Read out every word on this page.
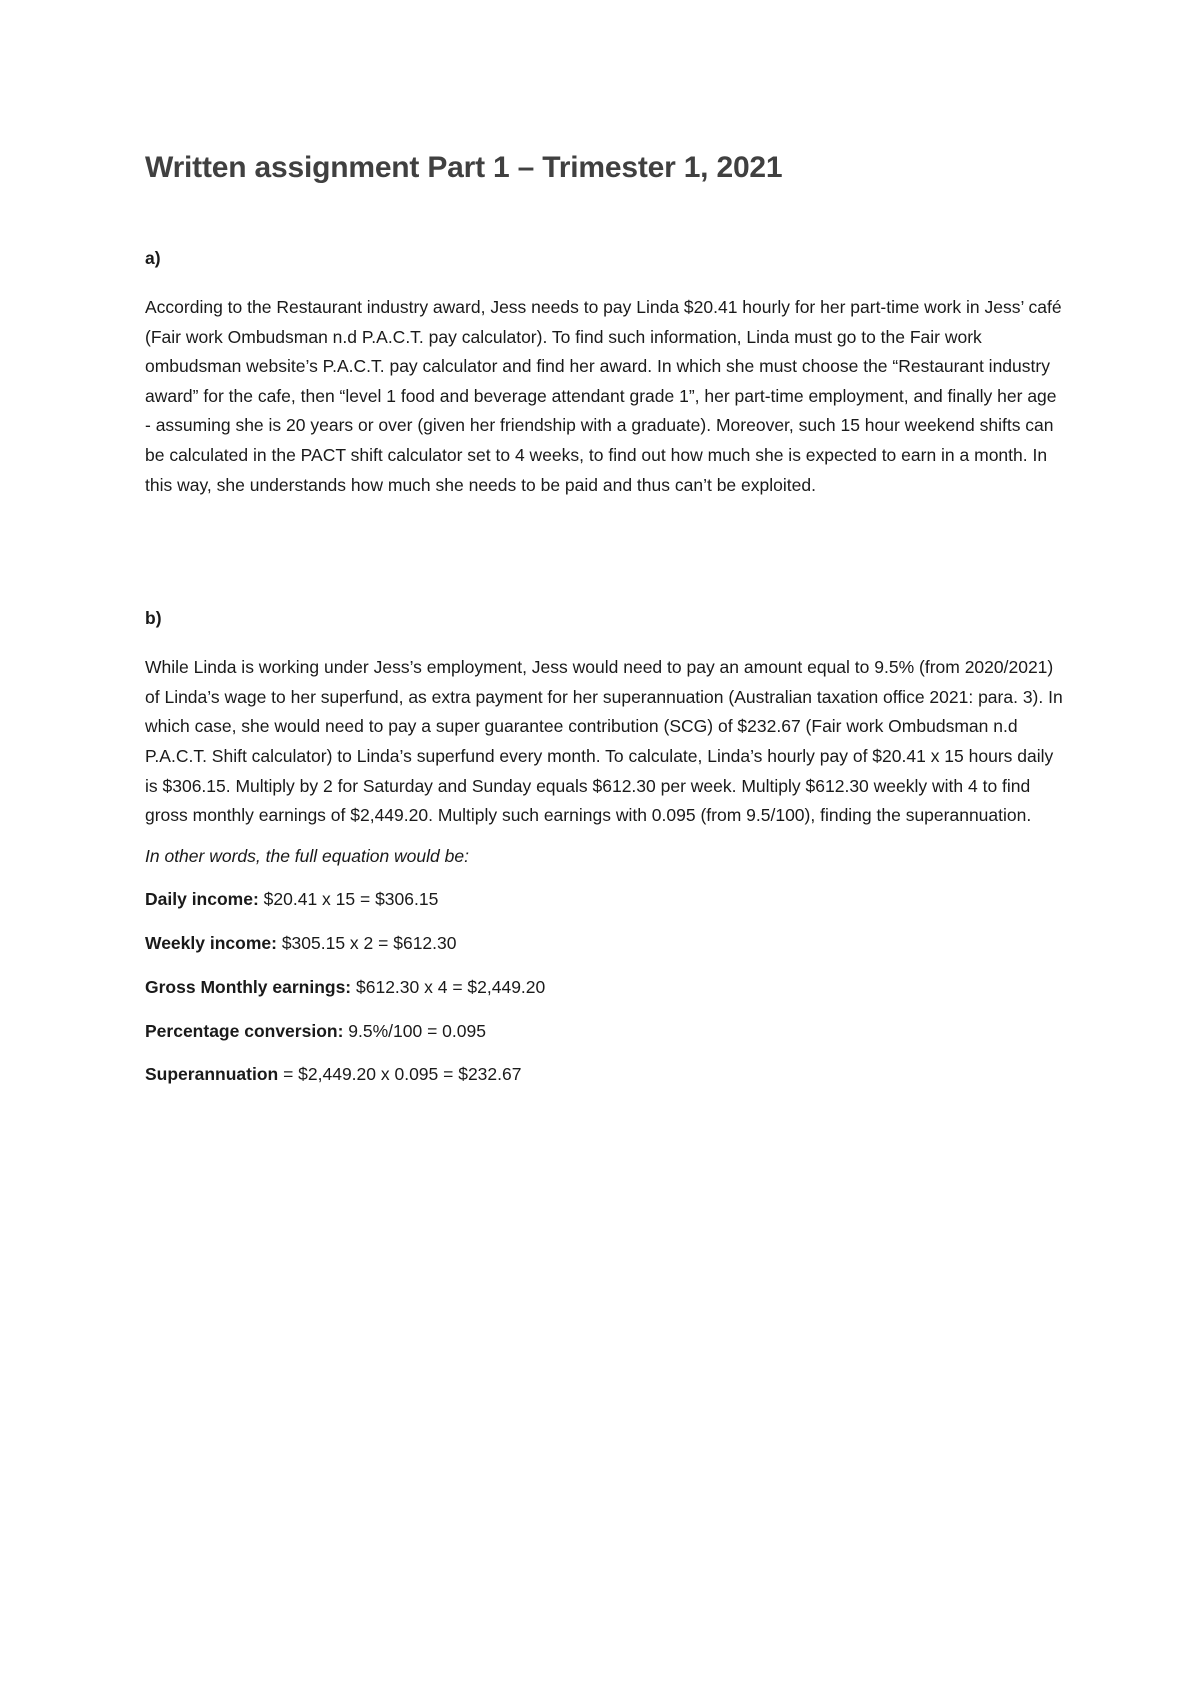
Written assignment Part 1 – Trimester 1, 2021

a)

According to the Restaurant industry award, Jess needs to pay Linda $20.41 hourly for her part-time work in Jess’ café (Fair work Ombudsman n.d P.A.C.T. pay calculator). To find such information, Linda must go to the Fair work ombudsman website’s P.A.C.T. pay calculator and find her award. In which she must choose the “Restaurant industry award” for the cafe, then “level 1 food and beverage attendant grade 1”, her part-time employment, and finally her age - assuming she is 20 years or over (given her friendship with a graduate). Moreover, such 15 hour weekend shifts can be calculated in the PACT shift calculator set to 4 weeks, to find out how much she is expected to earn in a month. In this way, she understands how much she needs to be paid and thus can’t be exploited.

b)

While Linda is working under Jess’s employment, Jess would need to pay an amount equal to 9.5% (from 2020/2021) of Linda’s wage to her superfund, as extra payment for her superannuation (Australian taxation office 2021: para. 3). In which case, she would need to pay a super guarantee contribution (SCG) of $232.67 (Fair work Ombudsman n.d P.A.C.T. Shift calculator) to Linda’s superfund every month. To calculate, Linda’s hourly pay of $20.41 x 15 hours daily is $306.15. Multiply by 2 for Saturday and Sunday equals $612.30 per week. Multiply $612.30 weekly with 4 to find gross monthly earnings of $2,449.20. Multiply such earnings with 0.095 (from 9.5/100), finding the superannuation.

In other words, the full equation would be:

Daily income: $20.41 x 15 = $306.15

Weekly income: $305.15 x 2 = $612.30

Gross Monthly earnings: $612.30 x 4 = $2,449.20

Percentage conversion: 9.5%/100 = 0.095

Superannuation = $2,449.20 x 0.095 = $232.67
